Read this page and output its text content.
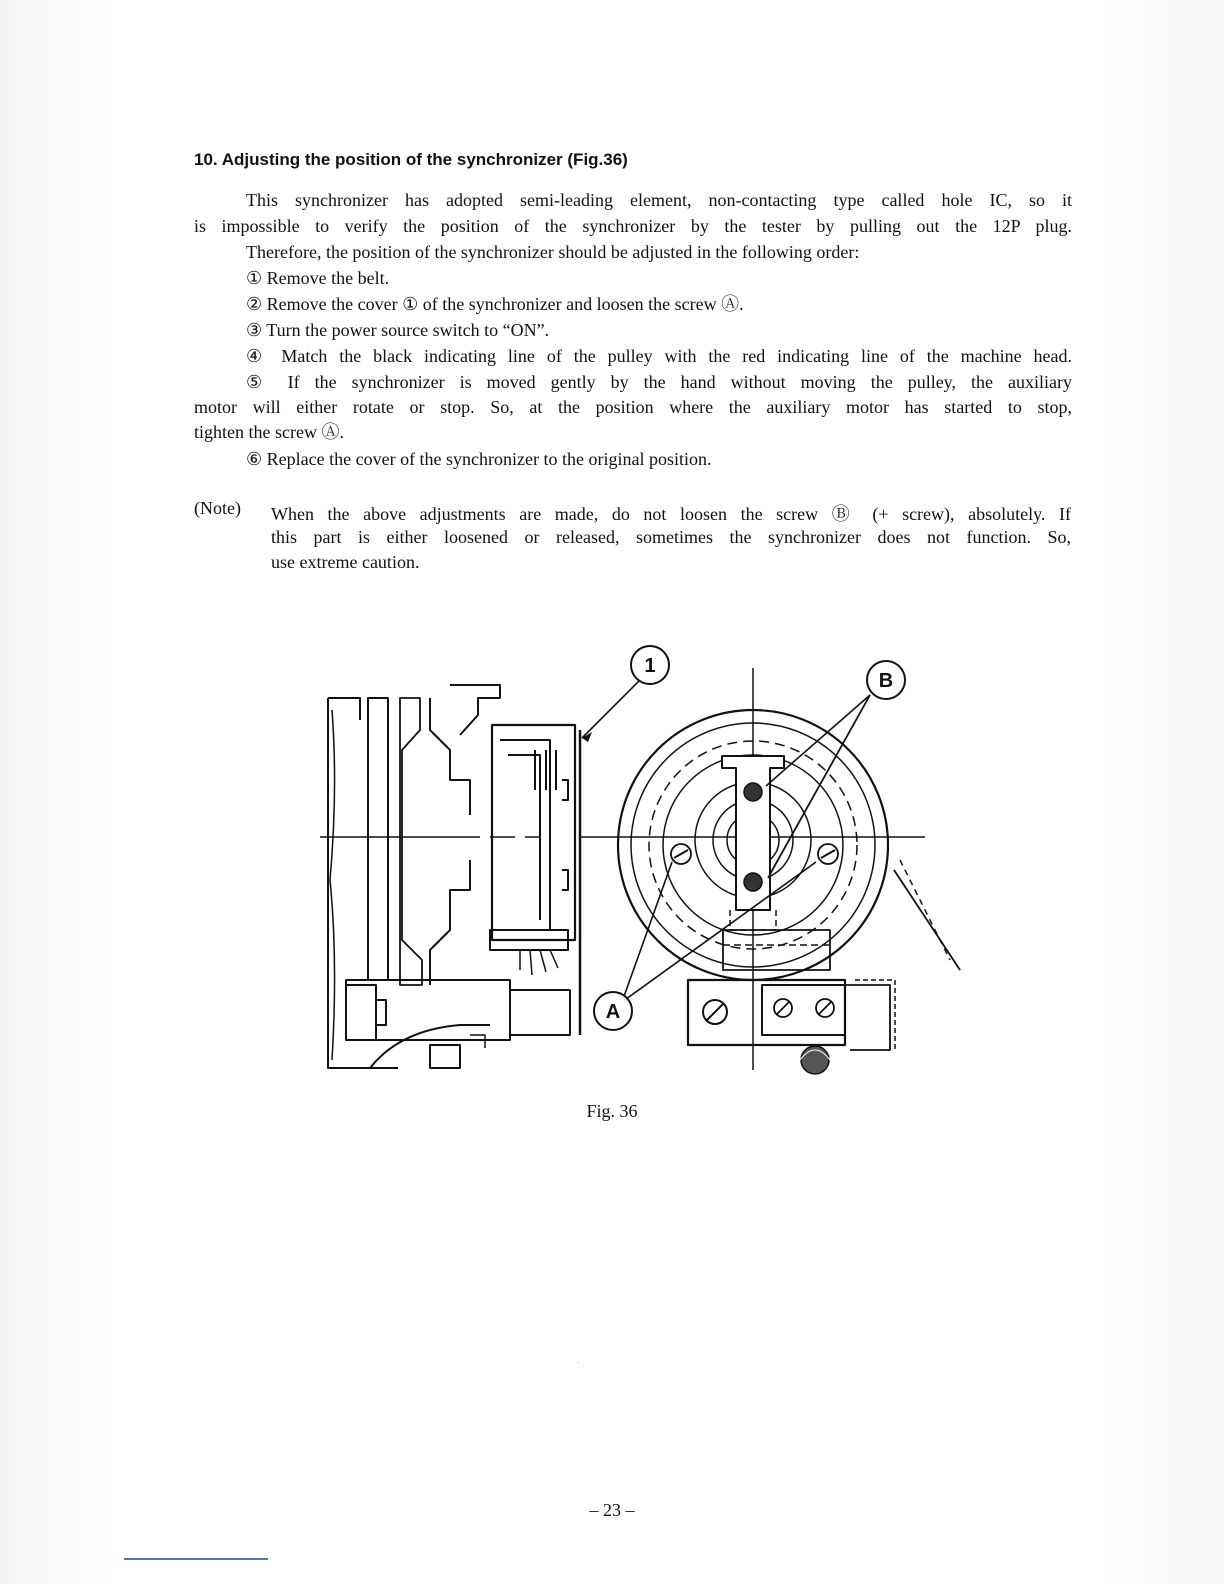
10. Adjusting the position of the synchronizer (Fig.36)
This synchronizer has adopted semi-leading element, non-contacting type called hole IC, so it
is impossible to verify the position of the synchronizer by the tester by pulling out the 12P plug.
Therefore, the position of the synchronizer should be adjusted in the following order:
① Remove the belt.
② Remove the cover ① of the synchronizer and loosen the screw Ⓐ.
③ Turn the power source switch to “ON”.
④ Match the black indicating line of the pulley with the red indicating line of the machine head.
⑤ If the synchronizer is moved gently by the hand without moving the pulley, the auxiliary
motor will either rotate or stop. So, at the position where the auxiliary motor has started to stop,
tighten the screw Ⓐ.
⑥ Replace the cover of the synchronizer to the original position.
(Note) When the above adjustments are made, do not loosen the screw Ⓑ (+ screw), absolutely. If
this part is either loosened or released, sometimes the synchronizer does not function. So,
use extreme caution.
1
B
A
Fig. 36
– 23 –
